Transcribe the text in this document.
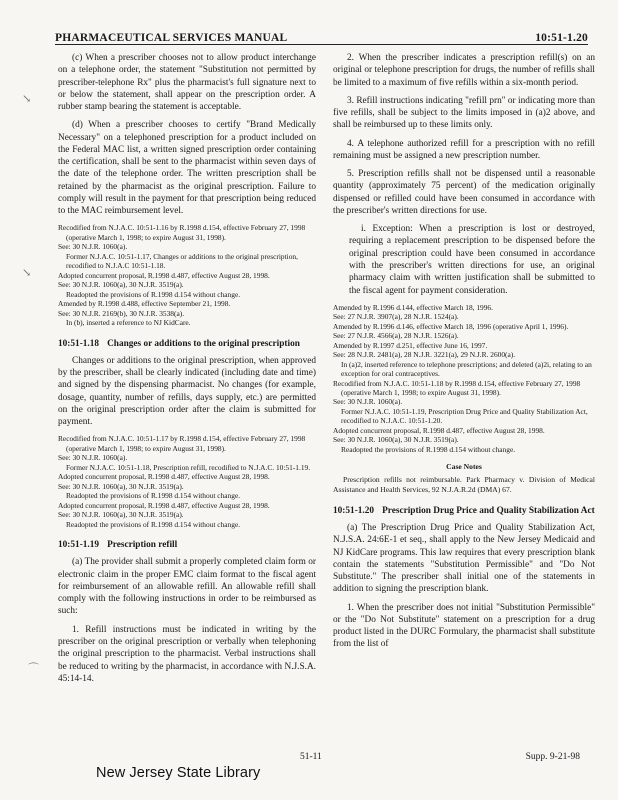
PHARMACEUTICAL SERVICES MANUAL	10:51-1.20
↘
↘
⌒

(c) When a prescriber chooses not to allow product interchange on a telephone order, the statement "Substitution not permitted by prescriber-telephone Rx" plus the pharmacist's full signature next to or below the statement, shall appear on the prescription order. A rubber stamp bearing the statement is acceptable.

(d) When a prescriber chooses to certify "Brand Medically Necessary" on a telephoned prescription for a product included on the Federal MAC list, a written signed prescription order containing the certification, shall be sent to the pharmacist within seven days of the date of the telephone order. The written prescription shall be retained by the pharmacist as the original prescription. Failure to comply will result in the payment for that prescription being reduced to the MAC reimbursement level.

Recodified from N.J.A.C. 10:51-1.16 by R.1998 d.154, effective February 27, 1998 (operative March 1, 1998; to expire August 31, 1998).
See: 30 N.J.R. 1060(a).
Former N.J.A.C. 10:51-1.17, Changes or additions to the original prescription, recodified to N.J.A.C 10:51-1.18.
Adopted concurrent proposal, R.1998 d.487, effective August 28, 1998.
See: 30 N.J.R. 1060(a), 30 N.J.R. 3519(a).
Readopted the provisions of R.1998 d.154 without change.
Amended by R.1998 d.488, effective September 21, 1998.
See: 30 N.J.R. 2169(b), 30 N.J.R. 3538(a).
In (b), inserted a reference to NJ KidCare.
10:51-1.18 Changes or additions to the original prescription

Changes or additions to the original prescription, when approved by the prescriber, shall be clearly indicated (including date and time) and signed by the dispensing pharmacist. No changes (for example, dosage, quantity, number of refills, days supply, etc.) are permitted on the original prescription order after the claim is submitted for payment.

Recodified from N.J.A.C. 10:51-1.17 by R.1998 d.154, effective February 27, 1998 (operative March 1, 1998; to expire August 31, 1998).
See: 30 N.J.R. 1060(a).
Former N.J.A.C. 10:51-1.18, Prescription refill, recodified to N.J.A.C. 10:51-1.19.
Adopted concurrent proposal, R.1998 d.487, effective August 28, 1998.
See: 30 N.J.R. 1060(a), 30 N.J.R. 3519(a).
Readopted the provisions of R.1998 d.154 without change.
Adopted concurrent proposal, R.1998 d.487, effective August 28, 1998.
See: 30 N.J.R. 1060(a), 30 N.J.R. 3519(a).
Readopted the provisions of R.1998 d.154 without change.
10:51-1.19 Prescription refill

(a) The provider shall submit a properly completed claim form or electronic claim in the proper EMC claim format to the fiscal agent for reimbursement of an allowable refill. An allowable refill shall comply with the following instructions in order to be reimbursed as such:

1. Refill instructions must be indicated in writing by the prescriber on the original prescription or verbally when telephoning the original prescription to the pharmacist. Verbal instructions shall be reduced to writing by the pharmacist, in accordance with N.J.S.A. 45:14-14.

2. When the prescriber indicates a prescription refill(s) on an original or telephone prescription for drugs, the number of refills shall be limited to a maximum of five refills within a six-month period.

3. Refill instructions indicating "refill prn" or indicating more than five refills, shall be subject to the limits imposed in (a)2 above, and shall be reimbursed up to these limits only.

4. A telephone authorized refill for a prescription with no refill remaining must be assigned a new prescription number.

5. Prescription refills shall not be dispensed until a reasonable quantity (approximately 75 percent) of the medication originally dispensed or refilled could have been consumed in accordance with the prescriber's written directions for use.

i. Exception: When a prescription is lost or destroyed, requiring a replacement prescription to be dispensed before the original prescription could have been consumed in accordance with the prescriber's written directions for use, an original pharmacy claim with written justification shall be submitted to the fiscal agent for payment consideration.

Amended by R.1996 d.144, effective March 18, 1996.
See: 27 N.J.R. 3907(a), 28 N.J.R. 1524(a).
Amended by R.1996 d.146, effective March 18, 1996 (operative April 1, 1996).
See: 27 N.J.R. 4566(a), 28 N.J.R. 1526(a).
Amended by R.1997 d.251, effective June 16, 1997.
See: 28 N.J.R. 2481(a), 28 N.J.R. 3221(a), 29 N.J.R. 2600(a).
In (a)2, inserted reference to telephone prescriptions; and deleted (a)2i, relating to an exception for oral contraceptives.
Recodified from N.J.A.C. 10:51-1.18 by R.1998 d.154, effective February 27, 1998 (operative March 1, 1998; to expire August 31, 1998).
See: 30 N.J.R. 1060(a).
Former N.J.A.C. 10:51-1.19, Prescription Drug Price and Quality Stabilization Act, recodified to N.J.A.C. 10:51-1.20.
Adopted concurrent proposal, R.1998 d.487, effective August 28, 1998.
See: 30 N.J.R. 1060(a), 30 N.J.R. 3519(a).
Readopted the provisions of R.1998 d.154 without change.
Case Notes
Prescription refills not reimbursable. Park Pharmacy v. Division of Medical Assistance and Health Services, 92 N.J.A.R.2d (DMA) 67.
10:51-1.20 Prescription Drug Price and Quality Stabilization Act

(a) The Prescription Drug Price and Quality Stabilization Act, N.J.S.A. 24:6E-1 et seq., shall apply to the New Jersey Medicaid and NJ KidCare programs. This law requires that every prescription blank contain the statements "Substitution Permissible" and "Do Not Substitute." The prescriber shall initial one of the statements in addition to signing the prescription blank.

1. When the prescriber does not initial "Substitution Permissible" or the "Do Not Substitute" statement on a prescription for a drug product listed in the DURC Formulary, the pharmacist shall substitute from the list of

51-11	Supp. 9-21-98
New Jersey State Library
